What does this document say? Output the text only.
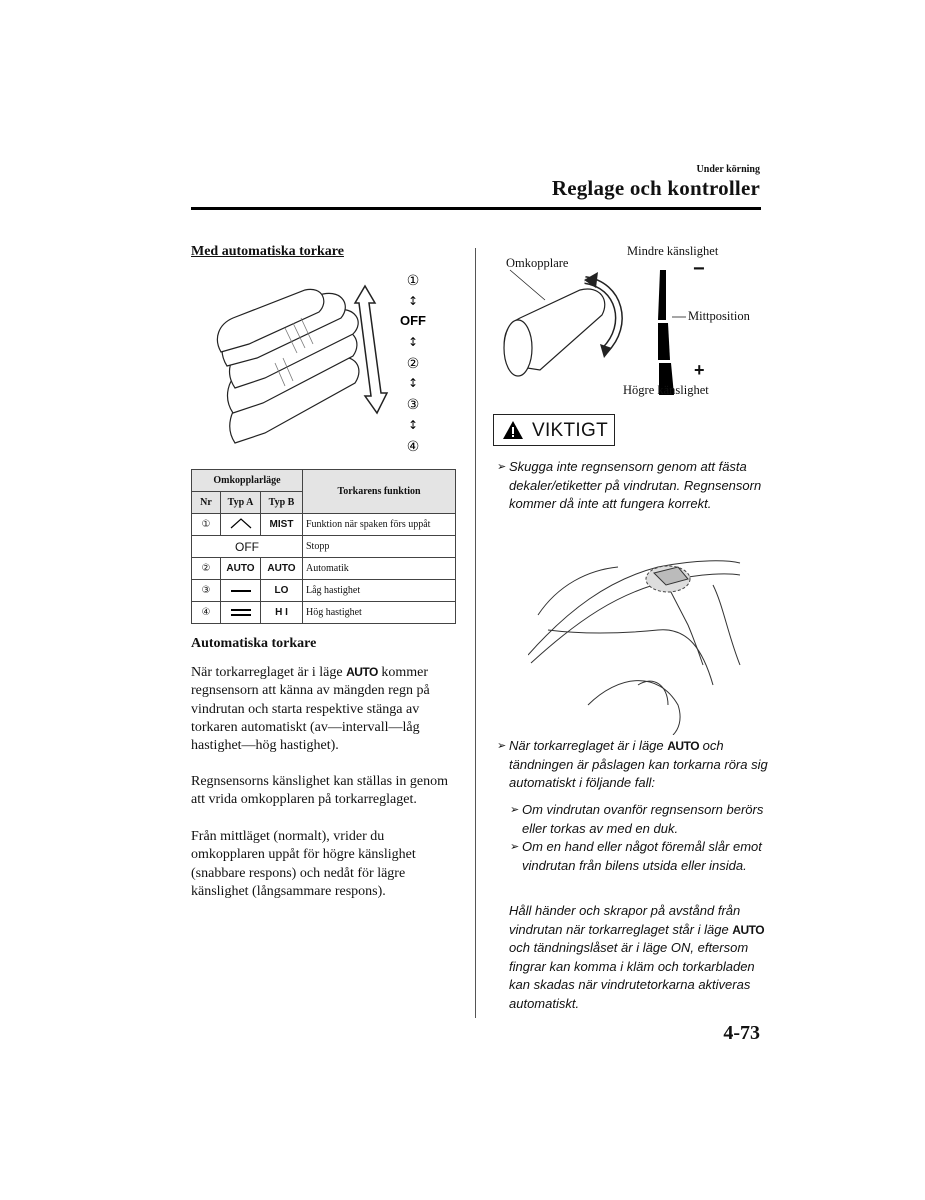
Under körning
Reglage och kontroller
Med automatiska torkare
①
↕
OFF
↕
②
↕
③
↕
④
Omkopplarläge			Torkarens funktion
Nr	Typ A	Typ B	
①		MIST	Funktion när spaken förs uppåt
OFF			Stopp
②	AUTO	AUTO	Automatik
③		LO	Låg hastighet
④		H I	Hög hastighet
Automatiska torkare
När torkarreglaget är i läge AUTO kommer regnsensorn att känna av mängden regn på vindrutan och starta respektive stänga av torkaren automatiskt (av—intervall—låg hastighet—hög hastighet).
Regnsensorns känslighet kan ställas in genom att vrida omkopplaren på torkarreglaget.
Från mittläget (normalt), vrider du omkopplaren uppåt för högre känslighet (snabbare respons) och nedåt för lägre känslighet (långsammare respons).
Omkopplare
Mindre känslighet
−
Mittposition
+
Högre känslighet
VIKTIGT
➢ Skugga inte regnsensorn genom att fästa dekaler/etiketter på vindrutan. Regnsensorn kommer då inte att fungera korrekt.
➢ När torkarreglaget är i läge AUTO och tändningen är påslagen kan torkarna röra sig automatiskt i följande fall:
➢ Om vindrutan ovanför regnsensorn berörs eller torkas av med en duk.
➢ Om en hand eller något föremål slår emot vindrutan från bilens utsida eller insida.
Håll händer och skrapor på avstånd från vindrutan när torkarreglaget står i läge AUTO och tändningslåset är i läge ON, eftersom fingrar kan komma i kläm och torkarbladen kan skadas när vindrutetorkarna aktiveras automatiskt.
4-73
